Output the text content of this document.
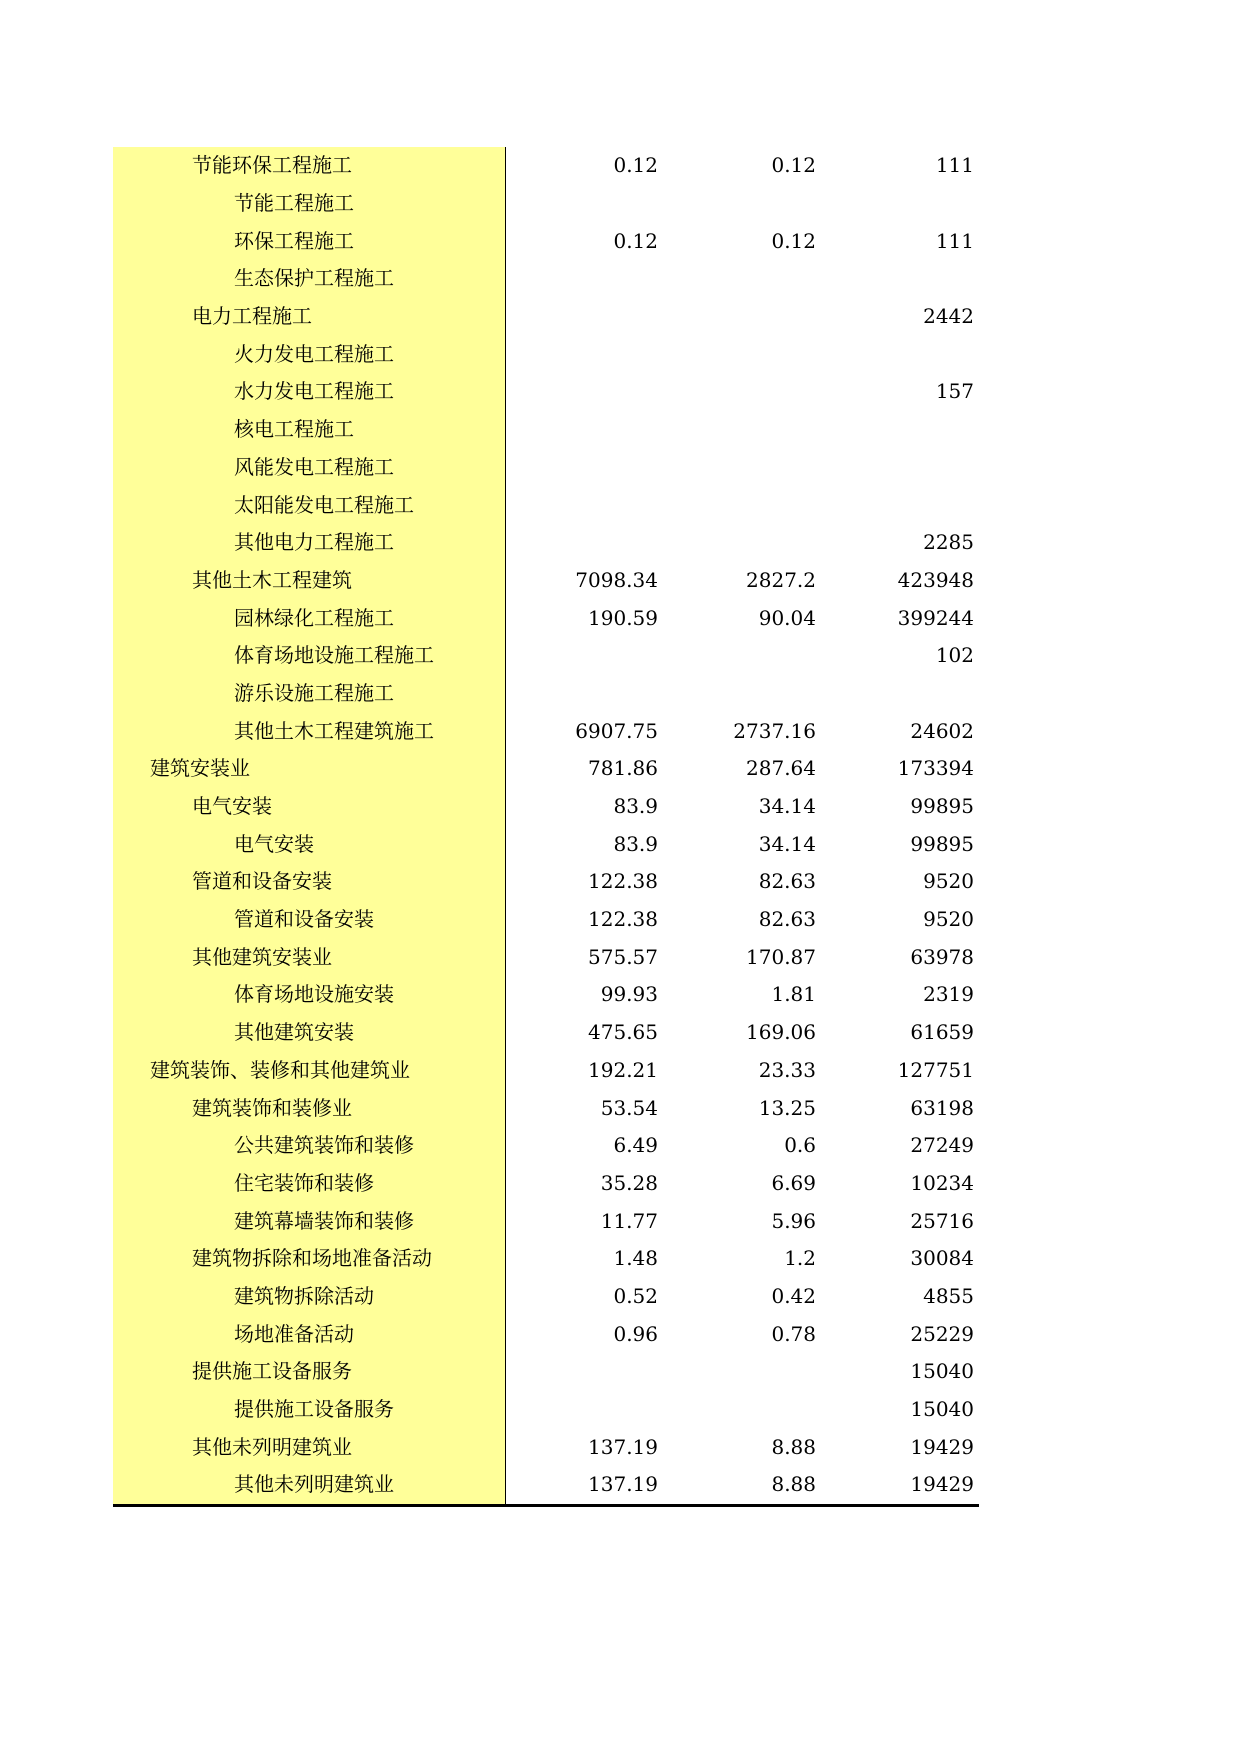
节能环保工程施工	0.12	0.12	111
节能工程施工			
环保工程施工	0.12	0.12	111
生态保护工程施工			
电力工程施工			2442
火力发电工程施工			
水力发电工程施工			157
核电工程施工			
风能发电工程施工			
太阳能发电工程施工			
其他电力工程施工			2285
其他土木工程建筑	7098.34	2827.2	423948
园林绿化工程施工	190.59	90.04	399244
体育场地设施工程施工			102
游乐设施工程施工			
其他土木工程建筑施工	6907.75	2737.16	24602
建筑安装业	781.86	287.64	173394
电气安装	83.9	34.14	99895
电气安装	83.9	34.14	99895
管道和设备安装	122.38	82.63	9520
管道和设备安装	122.38	82.63	9520
其他建筑安装业	575.57	170.87	63978
体育场地设施安装	99.93	1.81	2319
其他建筑安装	475.65	169.06	61659
建筑装饰、装修和其他建筑业	192.21	23.33	127751
建筑装饰和装修业	53.54	13.25	63198
公共建筑装饰和装修	6.49	0.6	27249
住宅装饰和装修	35.28	6.69	10234
建筑幕墙装饰和装修	11.77	5.96	25716
建筑物拆除和场地准备活动	1.48	1.2	30084
建筑物拆除活动	0.52	0.42	4855
场地准备活动	0.96	0.78	25229
提供施工设备服务			15040
提供施工设备服务			15040
其他未列明建筑业	137.19	8.88	19429
其他未列明建筑业	137.19	8.88	19429
